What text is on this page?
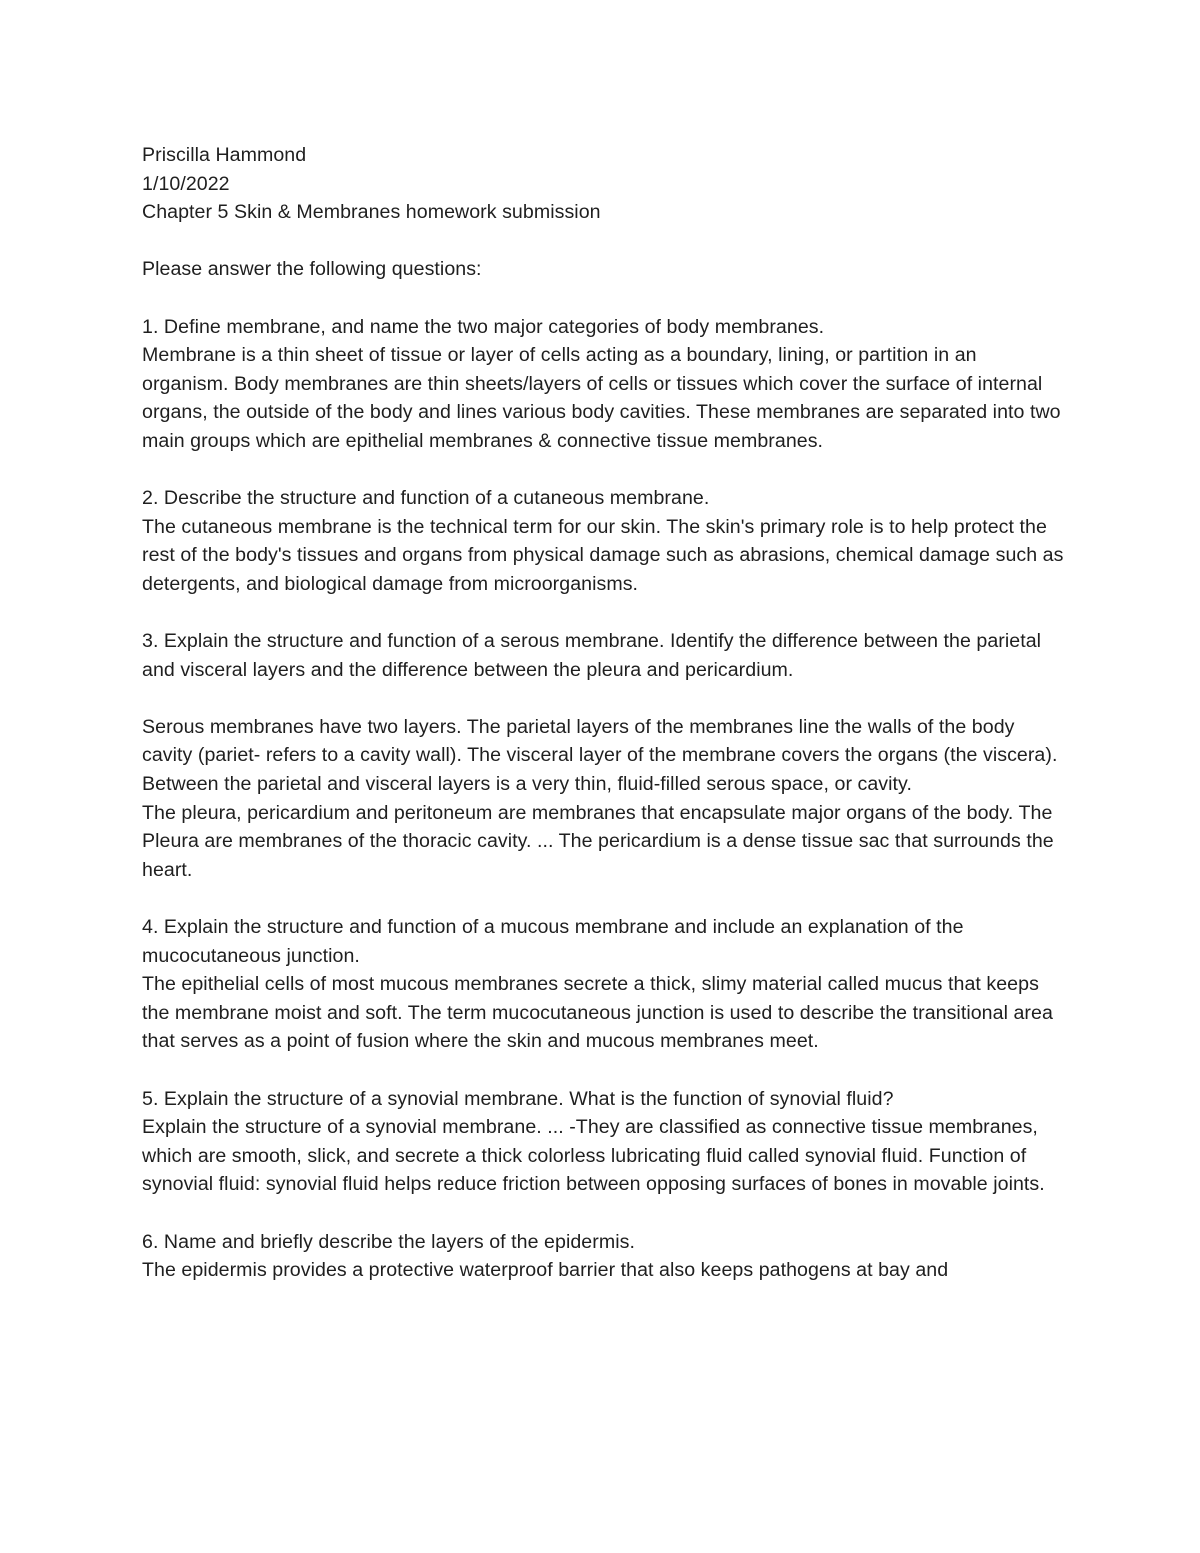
Priscilla Hammond

1/10/2022

Chapter 5 Skin & Membranes homework submission

Please answer the following questions:

1. Define membrane, and name the two major categories of body membranes.

Membrane is a thin sheet of tissue or layer of cells acting as a boundary, lining, or partition in an organism. Body membranes are thin sheets/layers of cells or tissues which cover the surface of internal organs, the outside of the body and lines various body cavities. These membranes are separated into two main groups which are epithelial membranes & connective tissue membranes.

2. Describe the structure and function of a cutaneous membrane.

The cutaneous membrane is the technical term for our skin. The skin's primary role is to help protect the rest of the body's tissues and organs from physical damage such as abrasions, chemical damage such as detergents, and biological damage from microorganisms.

3. Explain the structure and function of a serous membrane. Identify the difference between the parietal and visceral layers and the difference between the pleura and pericardium.

Serous membranes have two layers. The parietal layers of the membranes line the walls of the body cavity (pariet- refers to a cavity wall). The visceral layer of the membrane covers the organs (the viscera). Between the parietal and visceral layers is a very thin, fluid-filled serous space, or cavity.

The pleura, pericardium and peritoneum are membranes that encapsulate major organs of the body. The Pleura are membranes of the thoracic cavity. ... The pericardium is a dense tissue sac that surrounds the heart.

4. Explain the structure and function of a mucous membrane and include an explanation of the mucocutaneous junction.

The epithelial cells of most mucous membranes secrete a thick, slimy material called mucus that keeps the membrane moist and soft. The term mucocutaneous junction is used to describe the transitional area that serves as a point of fusion where the skin and mucous membranes meet.

5. Explain the structure of a synovial membrane. What is the function of synovial fluid?

Explain the structure of a synovial membrane. ... -They are classified as connective tissue membranes, which are smooth, slick, and secrete a thick colorless lubricating fluid called synovial fluid. Function of synovial fluid: synovial fluid helps reduce friction between opposing surfaces of bones in movable joints.

6. Name and briefly describe the layers of the epidermis.

The epidermis provides a protective waterproof barrier that also keeps pathogens at bay and
